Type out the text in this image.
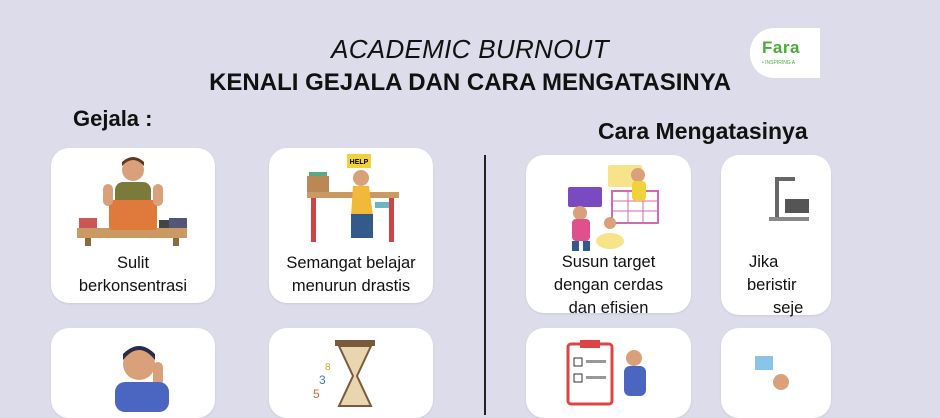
ACADEMIC BURNOUT
KENALI GEJALA DAN CARA MENGATASINYA
Fara
• INSPIRING A
Gejala :	Cara Mengatasinya
Sulit
berkonsentrasi
HELP
Semangat belajar
menurun drastis
3
8
5
Susun target
dengan cerdas
dan efisien
Jika
beristir
seje
